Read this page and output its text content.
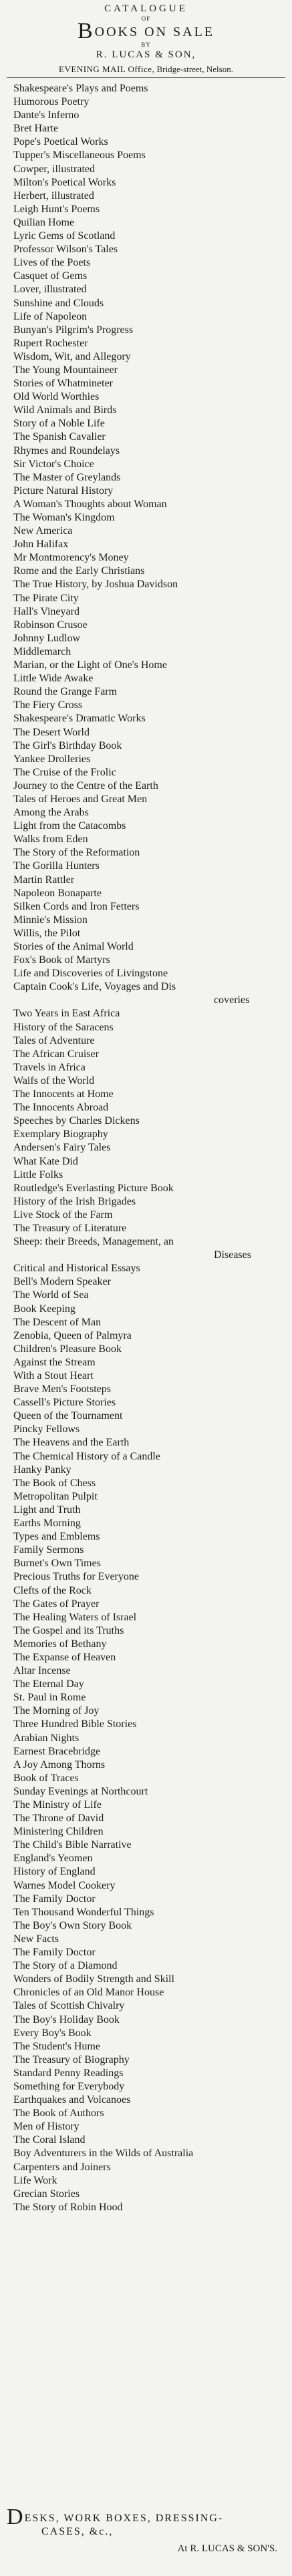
CATALOGUE
OF
BOOKS ON SALE
BY
R. LUCAS & SON,
EVENING MAIL Office, Bridge-street, Nelson.
Shakespeare's Plays and Poems
Humorous Poetry
Dante's Inferno
Bret Harte
Pope's Poetical Works
Tupper's Miscellaneous Poems
Cowper, illustrated
Milton's Poetical Works
Herbert, illustrated
Leigh Hunt's Poems
Quilian Home
Lyric Gems of Scotland
Professor Wilson's Tales
Lives of the Poets
Casquet of Gems
Lover, illustrated
Sunshine and Clouds
Life of Napoleon
Bunyan's Pilgrim's Progress
Rupert Rochester
Wisdom, Wit, and Allegory
The Young Mountaineer
Stories of Whatmineter
Old World Worthies
Wild Animals and Birds
Story of a Noble Life
The Spanish Cavalier
Rhymes and Roundelays
Sir Victor's Choice
The Master of Greylands
Picture Natural History
A Woman's Thoughts about Woman
The Woman's Kingdom
New America
John Halifax
Mr Montmorency's Money
Rome and the Early Christians
The True History, by Joshua Davidson
The Pirate City
Hall's Vineyard
Robinson Crusoe
Johnny Ludlow
Middlemarch
Marian, or the Light of One's Home
Little Wide Awake
Round the Grange Farm
The Fiery Cross
Shakespeare's Dramatic Works
The Desert World
The Girl's Birthday Book
Yankee Drolleries
The Cruise of the Frolic
Journey to the Centre of the Earth
Tales of Heroes and Great Men
Among the Arabs
Light from the Catacombs
Walks from Eden
The Story of the Reformation
The Gorilla Hunters
Martin Rattler
Napoleon Bonaparte
Silken Cords and Iron Fetters
Minnie's Mission
Willis, the Pilot
Stories of the Animal World
Fox's Book of Martyrs
Life and Discoveries of Livingstone
Captain Cook's Life, Voyages and Dis
coveries
Two Years in East Africa
History of the Saracens
Tales of Adventure
The African Cruiser
Travels in Africa
Waifs of the World
The Innocents at Home
The Innocents Abroad
Speeches by Charles Dickens
Exemplary Biography
Andersen's Fairy Tales
What Kate Did
Little Folks
Routledge's Everlasting Picture Book
History of the Irish Brigades
Live Stock of the Farm
The Treasury of Literature
Sheep: their Breeds, Management, an
Diseases
Critical and Historical Essays
Bell's Modern Speaker
The World of Sea
Book Keeping
The Descent of Man
Zenobia, Queen of Palmyra
Children's Pleasure Book
Against the Stream
With a Stout Heart
Brave Men's Footsteps
Cassell's Picture Stories
Queen of the Tournament
Pincky Fellows
The Heavens and the Earth
The Chemical History of a Candle
Hanky Panky
The Book of Chess
Metropolitan Pulpit
Light and Truth
Earths Morning
Types and Emblems
Family Sermons
Burnet's Own Times
Precious Truths for Everyone
Clefts of the Rock
The Gates of Prayer
The Healing Waters of Israel
The Gospel and its Truths
Memories of Bethany
The Expanse of Heaven
Altar Incense
The Eternal Day
St. Paul in Rome
The Morning of Joy
Three Hundred Bible Stories
Arabian Nights
Earnest Bracebridge
A Joy Among Thorns
Book of Traces
Sunday Evenings at Northcourt
The Ministry of Life
The Throne of David
Ministering Children
The Child's Bible Narrative
England's Yeomen
History of England
Warnes Model Cookery
The Family Doctor
Ten Thousand Wonderful Things
The Boy's Own Story Book
New Facts
The Family Doctor
The Story of a Diamond
Wonders of Bodily Strength and Skill
Chronicles of an Old Manor House
Tales of Scottish Chivalry
The Boy's Holiday Book
Every Boy's Book
The Student's Hume
The Treasury of Biography
Standard Penny Readings
Something for Everybody
Earthquakes and Volcanoes
The Book of Authors
Men of History
The Coral Island
Boy Adventurers in the Wilds of Australia
Carpenters and Joiners
Life Work
Grecian Stories
The Story of Robin Hood
DESKS, WORK BOXES, DRESSING-
CASES, &c.,
At R. LUCAS & SON'S.
